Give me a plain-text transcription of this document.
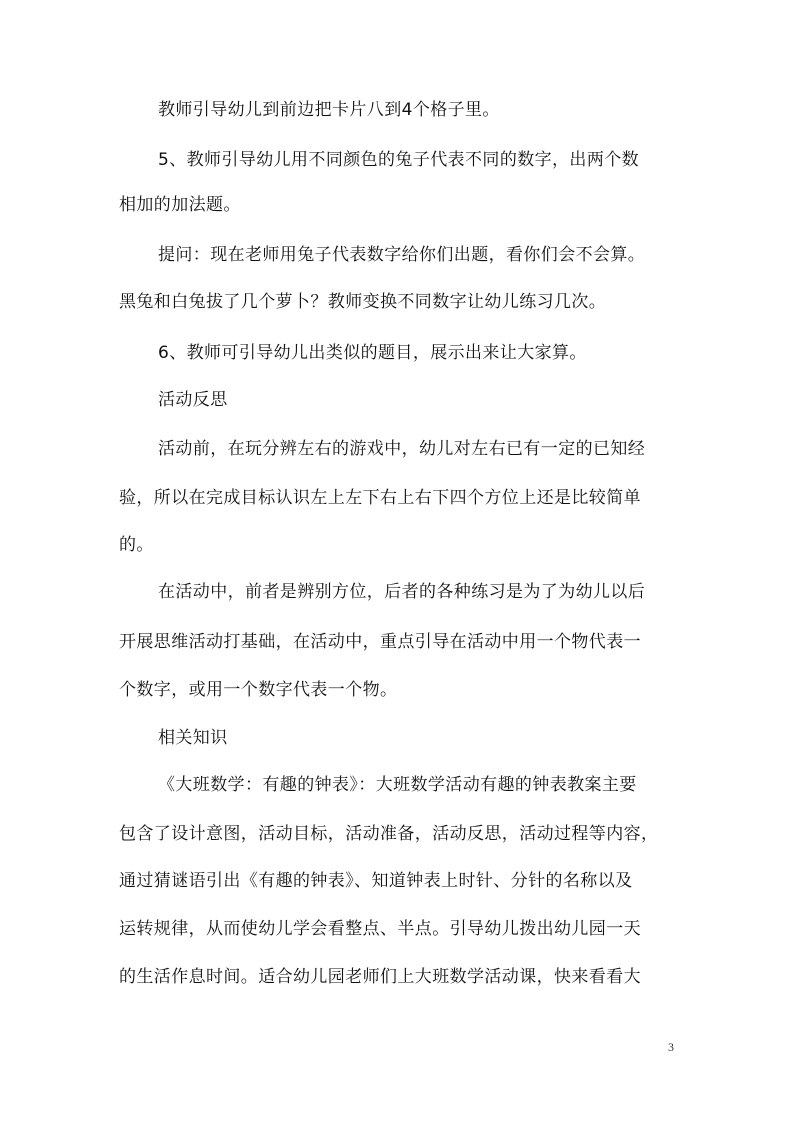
教师引导幼儿到前边把卡片八到4个格子里。
5、教师引导幼儿用不同颜色的兔子代表不同的数字，出两个数
相加的加法题。
提问：现在老师用兔子代表数字给你们出题，看你们会不会算。
黑兔和白兔拔了几个萝卜？教师变换不同数字让幼儿练习几次。
6、教师可引导幼儿出类似的题目，展示出来让大家算。
活动反思
活动前，在玩分辨左右的游戏中，幼儿对左右已有一定的已知经
验，所以在完成目标认识左上左下右上右下四个方位上还是比较简单
的。
在活动中，前者是辨别方位，后者的各种练习是为了为幼儿以后
开展思维活动打基础，在活动中，重点引导在活动中用一个物代表一
个数字，或用一个数字代表一个物。
相关知识
《大班数学：有趣的钟表》：大班数学活动有趣的钟表教案主要
包含了设计意图，活动目标，活动准备，活动反思，活动过程等内容，
通过猜谜语引出《有趣的钟表》、知道钟表上时针、分针的名称以及
运转规律，从而使幼儿学会看整点、半点。引导幼儿拨出幼儿园一天
的生活作息时间。适合幼儿园老师们上大班数学活动课，快来看看大
3
